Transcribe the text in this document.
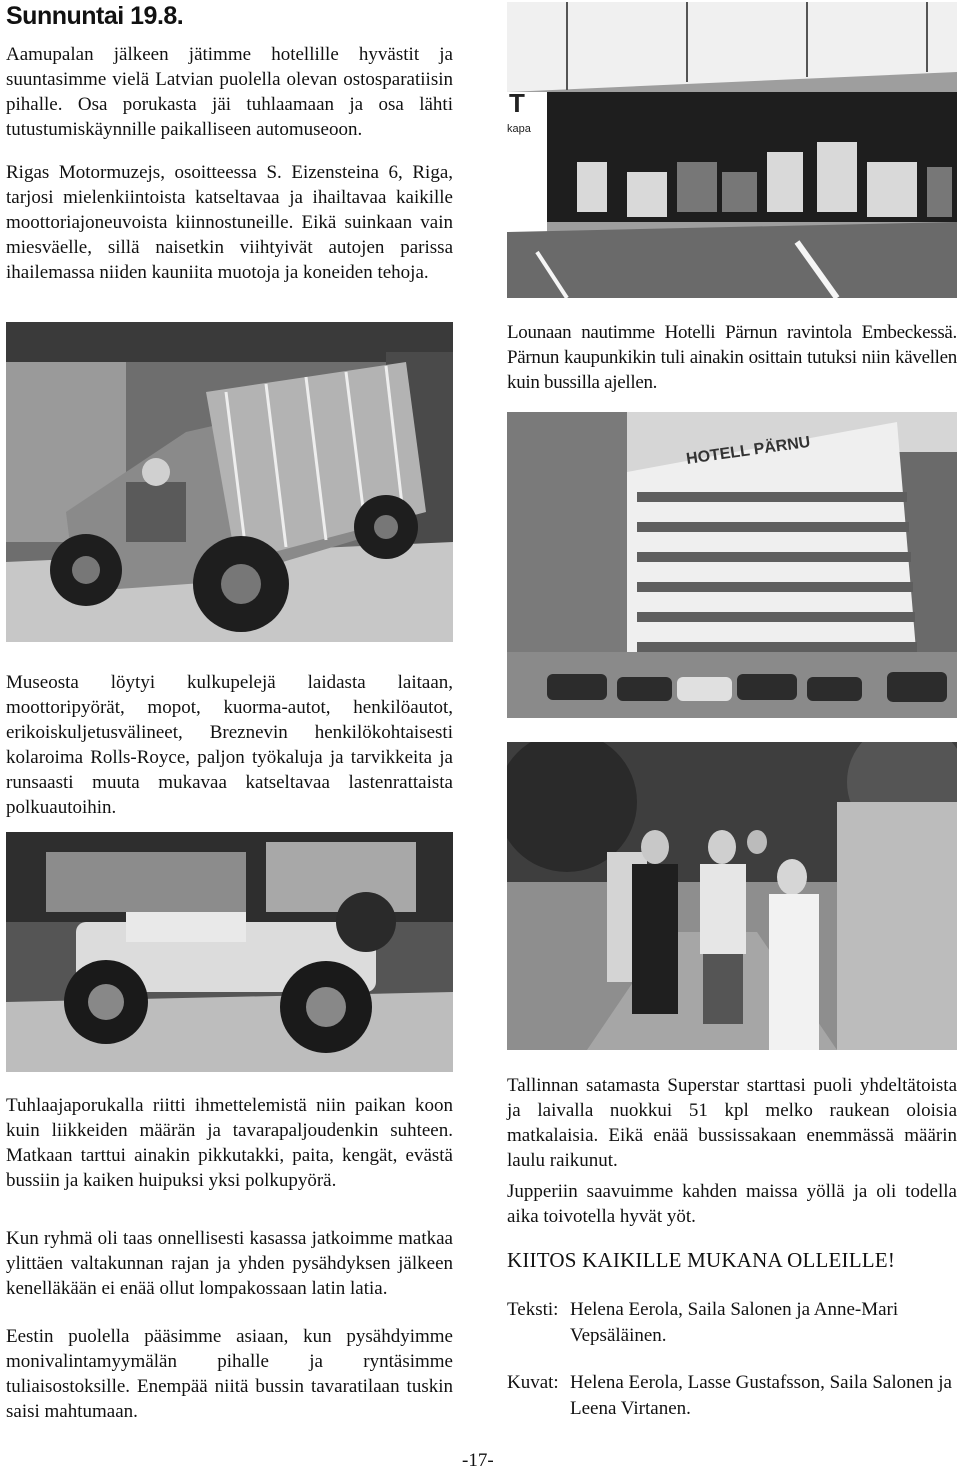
Sunnuntai 19.8.

Aamupalan jälkeen jätimme hotellille hyvästit ja suuntasimme vielä Latvian puolella olevan ostosparatiisin pihalle. Osa porukasta jäi tuhlaamaan ja osa lähti tutustumiskäynnille paikalliseen automuseoon.

Rigas Motormuzejs, osoitteessa S. Eizensteina 6, Riga, tarjosi mielenkiintoista katseltavaa ja ihailtavaa kaikille moottoriajoneuvoista kiinnostuneille. Eikä suinkaan vain miesväelle, sillä naisetkin viihtyivät autojen parissa ihailemassa niiden kauniita muotoja ja koneiden tehoja.

Museosta löytyi kulkupelejä laidasta laitaan, moottoripyörät, mopot, kuorma-autot, henkilöautot, erikoiskuljetusvälineet, Breznevin henkilökohtaisesti kolaroima Rolls-Royce, paljon työkaluja ja tarvikkeita ja runsaasti muuta mukavaa katseltavaa lastenrattaista polkuautoihin.

Tuhlaajaporukalla riitti ihmettelemistä niin paikan koon kuin liikkeiden määrän ja tavarapaljoudenkin suhteen. Matkaan tarttui ainakin pikkutakki, paita, kengät, evästä bussiin ja kaiken huipuksi yksi polkupyörä.

Kun ryhmä oli taas onnellisesti kasassa jatkoimme matkaa ylittäen valtakunnan rajan ja yhden pysähdyksen jälkeen kenelläkään ei enää ollut lompakossaan latin latia.

Eestin puolella pääsimme asiaan, kun pysähdyimme monivalintamyymälän pihalle ja ryntäsimme tuliaisostoksille. Enempää niitä bussin tavaratilaan tuskin saisi mahtumaan.

T
kapa

Lounaan nautimme Hotelli Pärnun ravintola Embeckessä. Pärnun kaupunkikin tuli ainakin osittain tutuksi niin kävellen kuin bussilla ajellen.

HOTELL PÄRNU

Tallinnan satamasta Superstar starttasi puoli yhdeltätoista ja laivalla nuokkui 51 kpl melko raukean oloisia matkalaisia. Eikä enää bussissakaan enemmässä määrin laulu raikunut.

Jupperiin saavuimme kahden maissa yöllä ja oli todella aika toivotella hyvät yöt.

KIITOS KAIKILLE MUKANA OLLEILLE!
Teksti: Helena Eerola, Saila Salonen ja Anne-Mari Vepsäläinen.
Kuvat: Helena Eerola, Lasse Gustafsson, Saila Salonen ja Leena Virtanen.
-17-
